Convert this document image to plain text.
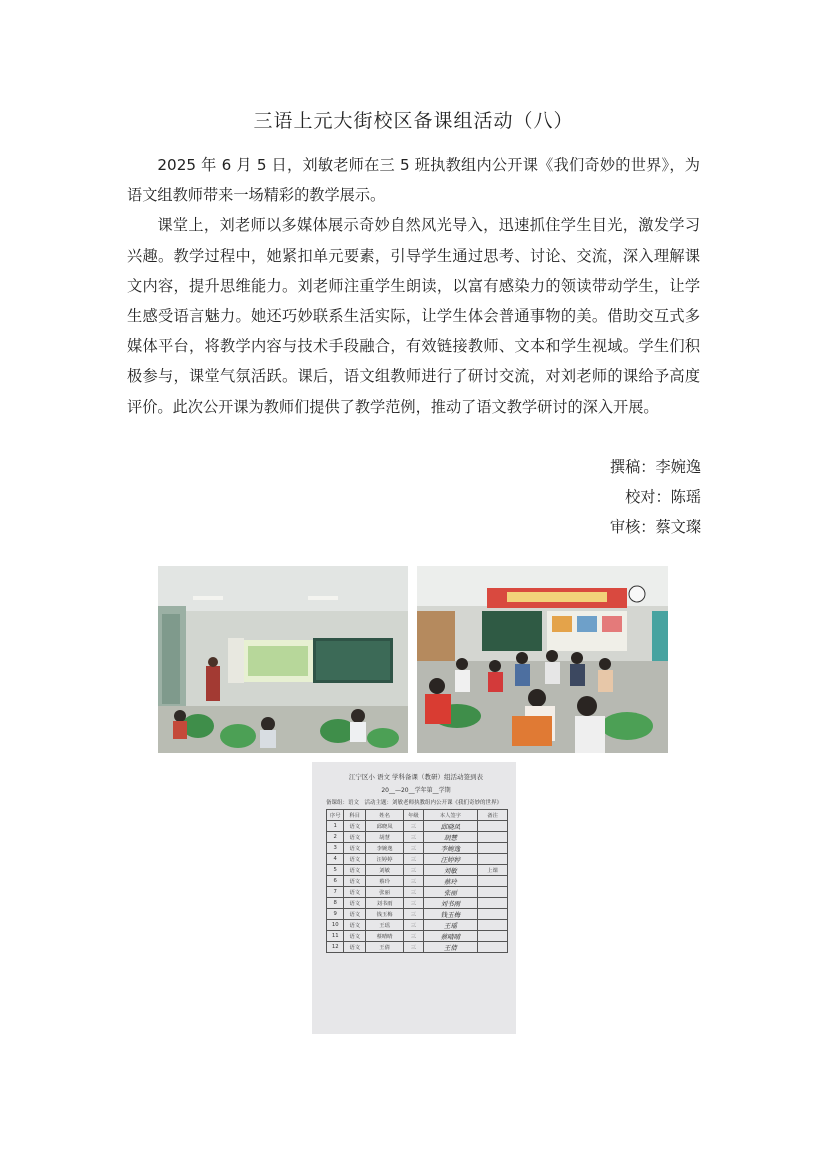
三语上元大街校区备课组活动（八）

2025 年 6 月 5 日，刘敏老师在三 5 班执教组内公开课《我们奇妙的世界》，为语文组教师带来一场精彩的教学展示。

课堂上，刘老师以多媒体展示奇妙自然风光导入，迅速抓住学生目光，激发学习兴趣。教学过程中，她紧扣单元要素，引导学生通过思考、讨论、交流，深入理解课文内容，提升思维能力。刘老师注重学生朗读，以富有感染力的领读带动学生，让学生感受语言魅力。她还巧妙联系生活实际，让学生体会普通事物的美。借助交互式多媒体平台，将教学内容与技术手段融合，有效链接教师、文本和学生视域。学生们积极参与，课堂气氛活跃。课后，语文组教师进行了研讨交流，对刘老师的课给予高度评价。此次公开课为教师们提供了教学范例，推动了语文教学研讨的深入开展。

撰稿：李婉逸
校对：陈瑶
审核：蔡文璨
江宁区小 语文 学科备课（教研）组活动签到表
20__—20__学年第__学期
备课组：语文　活动主题：刘敏老师执教组内公开课《我们奇妙的世界》
序号	科目	姓名	年级	本人签字	备注
1	语文	邱晓凤	三	邱晓凤	
2	语文	胡慧	三	胡慧	
3	语文	李婉逸	三	李婉逸	
4	语文	汪婷婷	三	汪婷婷	
5	语文	刘敏	三	刘敏	上课
6	语文	蔡玲	三	蔡玲	
7	语文	张丽	三	张丽	
8	语文	刘书雨	三	刘书雨	
9	语文	钱玉梅	三	钱玉梅	
10	语文	王瑶	三	王瑶	
11	语文	蔡晴晴	三	蔡晴晴	
12	语文	王倩	三	王倩	
